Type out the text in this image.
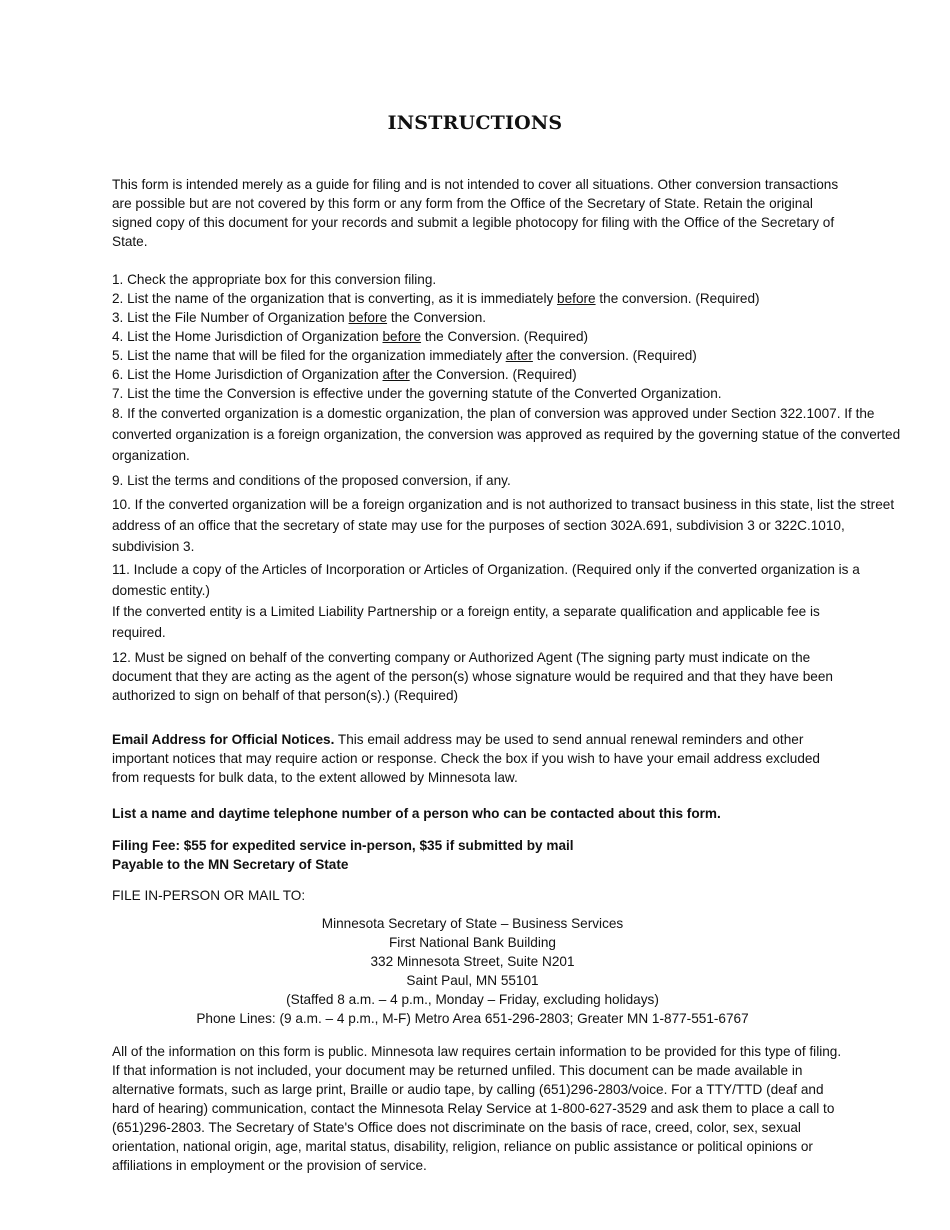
INSTRUCTIONS
This form is intended merely as a guide for filing and is not intended to cover all situations. Other conversion transactions are possible but are not covered by this form or any form from the Office of the Secretary of State. Retain the original signed copy of this document for your records and submit a legible photocopy for filing with the Office of the Secretary of State.
1. Check the appropriate box for this conversion filing.
2. List the name of the organization that is converting, as it is immediately before the conversion. (Required)
3. List the File Number of Organization before the Conversion.
4. List the Home Jurisdiction of Organization before the Conversion. (Required)
5. List the name that will be filed for the organization immediately after the conversion. (Required)
6. List the Home Jurisdiction of Organization after the Conversion. (Required)
7. List the time the Conversion is effective under the governing statute of the Converted Organization.
8. If the converted organization is a domestic organization, the plan of conversion was approved under Section 322.1007. If the converted organization is a foreign organization, the conversion was approved as required by the governing statue of the converted organization.
9. List the terms and conditions of the proposed conversion, if any.
10. If the converted organization will be a foreign organization and is not authorized to transact business in this state, list the street address of an office that the secretary of state may use for the purposes of section 302A.691, subdivision 3 or 322C.1010, subdivision 3.
11. Include a copy of the Articles of Incorporation or Articles of Organization. (Required only if the converted organization is a domestic entity.)
If the converted entity is a Limited Liability Partnership or a foreign entity, a separate qualification and applicable fee is required.
12. Must be signed on behalf of the converting company or Authorized Agent (The signing party must indicate on the document that they are acting as the agent of the person(s) whose signature would be required and that they have been authorized to sign on behalf of that person(s).) (Required)
Email Address for Official Notices. This email address may be used to send annual renewal reminders and other important notices that may require action or response. Check the box if you wish to have your email address excluded from requests for bulk data, to the extent allowed by Minnesota law.
List a name and daytime telephone number of a person who can be contacted about this form.
Filing Fee: $55 for expedited service in-person, $35 if submitted by mail
Payable to the MN Secretary of State
FILE IN-PERSON OR MAIL TO:
Minnesota Secretary of State – Business Services
First National Bank Building
332 Minnesota Street, Suite N201
Saint Paul, MN 55101
(Staffed 8 a.m. – 4 p.m., Monday – Friday, excluding holidays)
Phone Lines: (9 a.m. – 4 p.m., M-F) Metro Area 651-296-2803; Greater MN 1-877-551-6767
All of the information on this form is public. Minnesota law requires certain information to be provided for this type of filing. If that information is not included, your document may be returned unfiled. This document can be made available in alternative formats, such as large print, Braille or audio tape, by calling (651)296-2803/voice. For a TTY/TTD (deaf and hard of hearing) communication, contact the Minnesota Relay Service at 1-800-627-3529 and ask them to place a call to (651)296-2803. The Secretary of State's Office does not discriminate on the basis of race, creed, color, sex, sexual orientation, national origin, age, marital status, disability, religion, reliance on public assistance or political opinions or affiliations in employment or the provision of service.
